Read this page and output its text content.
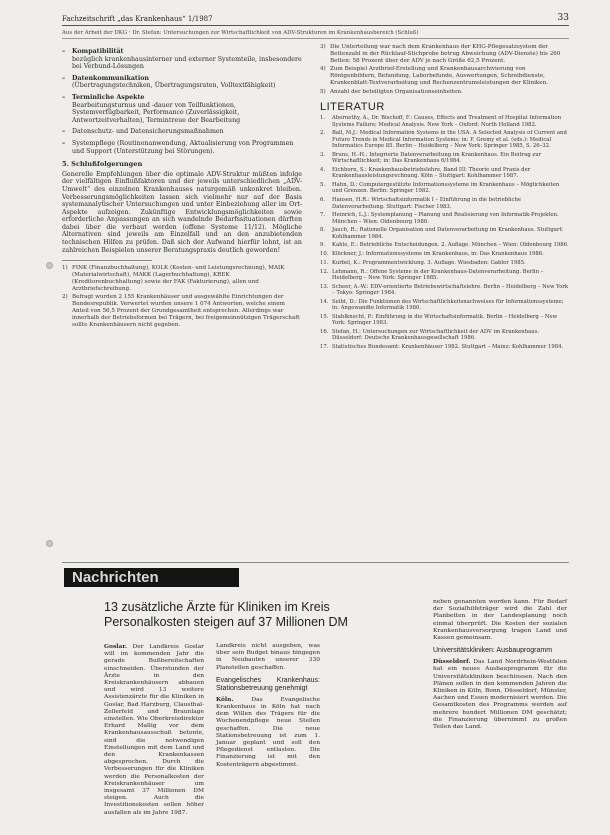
Fachzeitschrift „das Krankenhaus“ 1/1987	33
Aus der Arbeit der DKG · Dr. Stefan: Untersuchungen zur Wirtschaftlichkeit von ADV-Strukturen im Krankenhausbereich (Schluß)
–	Kompatibilität
bezüglich krankenhausinterner und externer Systemteile, insbesondere bei Verbund-Lösungen
–	Datenkommunikation
(Übertragungstechniken, Übertragungsraten, Volltextfähigkeit)
–	Terminliche Aspekte
Bearbeitungsturnus und -dauer von Teilfunktionen, Systemverfügbarkeit, Performance (Zuverlässigkeit, Antwortzeitverhalten), Termintreue der Bearbeitung
–	Datenschutz- und Datensicherungsmaßnahmen
–	Systempflege (Routinenanwendung, Aktualisierung von Programmen und Support (Unterstützung bei Störungen).
5. Schlußfolgerungen
Generelle Empfehlungen über die optimale ADV-Struktur müßten infolge der vielfältigen Einflußfaktoren und der jeweils unterschiedlichen „ADV-Umwelt“ des einzelnen Krankenhauses naturgemäß unkonkret bleiben. Verbesserungsmöglichkeiten lassen sich vielmehr nur auf der Basis systemanalytischer Untersuchungen und unter Einbeziehung aller im Ort-Aspekte aufzeigen. Zukünftige Entwicklungsmöglichkeiten sowie erforderliche Anpassungen an sich wandelnde Bedarfssituationen dürften dabei über die verbaut werden (offene Systeme 11/12). Mögliche Alternativen sind jeweils am Einzelfall und an den anzubietenden technischen Hilfen zu prüfen. Daß sich der Aufwand hierfür lohnt, ist an zahlreichen Beispielen unserer Beratungspraxis deutlich geworden!
1) FINK (Finanzbuchhaltung), KOLK (Kosten- und Leistungsrechnung), MAIK (Materialwirtschaft), MAKK (Lagerbuchhaltung), KREK (Kreditorenbuchhaltung) sowie der FAK (Fakturierung), allen und Arztbriefschreibung.
2) Befragt wurden 2 155 Krankenhäuser und ausgewählte Einrichtungen der Bundesrepublik. Verwertet wurden unsere 1 074 Antworten, welche einem Anteil von 56,5 Prozent der Grundgesamtheit entsprechen. Allerdings war innerhalb der Betriebsformen bei Trägern, bei freigemeinnützigen Trägerschaft sollte Krankenhäusern nicht gegeben.
3) Die Unterteilung war nach dem Krankenhaus der KHG-Pflegesatzsystem der Bettenzahl in der Rücklauf-Stichprobe betrug Abweichung (ADV-Dienste) bis 260 Betten: 58 Prozent über der ADV je nach Größe 62,5 Prozent.
4) Zum Beispiel Arztbrief-Erstellung und Krankenhausarchivierung von Röntgenbildern, Befundung, Laborbefunde, Auswertungen, Schreibdienste, Krankenblatt-Textverarbeitung und Rechenzentrumsleistungen der Kliniken.
5) Anzahl der beteiligten Organisationseinheiten.
LITERATUR
1.	Abernethy, A., Dr. Bischoff, F.: Causes, Effects and Treatment of Hospital Information Systems Failure; Medical Analysis. New York – Oxford: North Holland 1982.
2.	Ball, M.J.: Medical Information Systems in the USA. A Selected Analysis of Current and Future Trends in Medical Information Systems; in: F. Gremy et al. (eds.): Medical Informatics Europe 85. Berlin – Heidelberg – New York: Springer 1985, S. 26–32.
3.	Bruns, H.-H.: Integrierte Datenverarbeitung im Krankenhaus. Ein Beitrag zur Wirtschaftlichkeit; in: Das Krankenhaus 6/1984.
4.	Eichhorn, S.: Krankenhausbetriebslehre, Band III: Theorie und Praxis der Krankenhausleistungsrechnung. Köln – Stuttgart: Kohlhammer 1987.
5.	Hahn, D.: Computergestützte Informationssysteme im Krankenhaus – Möglichkeiten und Grenzen. Berlin: Springer 1982.
6.	Hansen, H.R.: Wirtschaftsinformatik I – Einführung in die betriebliche Datenverarbeitung. Stuttgart: Fischer 1983.
7.	Heinrich, L.J.: Systemplanung – Planung und Realisierung von Informatik-Projekten. München – Wien: Oldenbourg 1986.
8.	Jauch, R.: Rationelle Organisation und Datenverarbeitung im Krankenhaus. Stuttgart: Kohlhammer 1984.
9.	Kahle, E.: Betriebliche Entscheidungen. 2. Auflage. München – Wien: Oldenbourg 1986.
10. Klöckner, J.: Informationssysteme im Krankenhaus, in: Das Krankenhaus 1986.
11. Kurbel, K.: Programmentwicklung. 3. Auflage. Wiesbaden: Gabler 1985.
12. Lehmann, R.: Offene Systeme in der Krankenhaus-Datenverarbeitung. Berlin – Heidelberg – New York: Springer 1985.
13. Scheer, A.-W.: EDV-orientierte Betriebswirtschaftslehre. Berlin – Heidelberg – New York – Tokyo: Springer 1984.
14. Seibt, D.: Die Funktionen des Wirtschaftlichkeitsnachweises für Informationssysteme; in: Angewandte Informatik 1980.
15. Stahlknecht, P.: Einführung in die Wirtschaftsinformatik. Berlin – Heidelberg – New York: Springer 1983.
16. Stefan, H.: Untersuchungen zur Wirtschaftlichkeit der ADV im Krankenhaus. Düsseldorf: Deutsche Krankenhausgesellschaft 1986.
17. Statistisches Bundesamt: Krankenhäuser 1982. Stuttgart – Mainz: Kohlhammer 1984.
Nachrichten
13 zusätzliche Ärzte für Kliniken im Kreis Personalkosten steigen auf 37 Millionen DM
Goslar. Der Landkreis Goslar will im kommenden Jahr die gerade Bußbereitschaften einschneiden. Überstunden der Ärzte in den Kreiskrankenhäusern abbauen und wird 13 weitere Assistenzärzte für die Kliniken in Goslar, Bad Harzburg, Clausthal-Zellerfeld und Braunlage einstellen. Wie Oberkreisdirektor Erhard Mallig vor dem Krankenhausausschuß betonte, sind die notwendigen Einstellungen mit dem Land und den Krankenkassen abgesprochen. Durch die Verbesserungen für die Kliniken werden die Personalkosten der Kreiskrankenhäuser um insgesamt 37 Millionen DM steigen. Auch die Investitionskosten sollen höher ausfallen als im Jahre 1987.
Landkreis nicht ausgeben, was über sein Budget hinaus hingegen in Neubauten unserer 330 Planstellen geschaffen.
Evangelisches Krankenhaus: Stationsbetreuung genehmigt
Köln.	Das Evangelische Krankenhaus in Köln hat nach dem Willen des Trägers für die Wochenendpflege neue Stellen geschaffen. Die neue Stationsbetreuung ist zum 1. Januar geplant und soll den Pflegedienst entlasten. Die Finanzierung ist mit den Kostenträgern abgestimmt.
neben genannten worden kann. Für Bedarf der Sozialhilfeträger wird die Zahl der Planbetten in der Landesplanung noch einmal überprüft. Die Kosten der sozialen Krankenhausversorgung tragen Land und Kassen gemeinsam.
Universitätskliniken: Ausbauprogramm
Düsseldorf. Das Land Nordrhein-Westfalen hat ein neues Ausbauprogramm für die Universitätskliniken beschlossen. Nach den Plänen sollen in den kommenden Jahren die Kliniken in Köln, Bonn, Düsseldorf, Münster, Aachen und Essen modernisiert werden. Die Gesamtkosten des Programms werden auf mehrere hundert Millionen DM geschätzt; die Finanzierung übernimmt zu großen Teilen das Land.
